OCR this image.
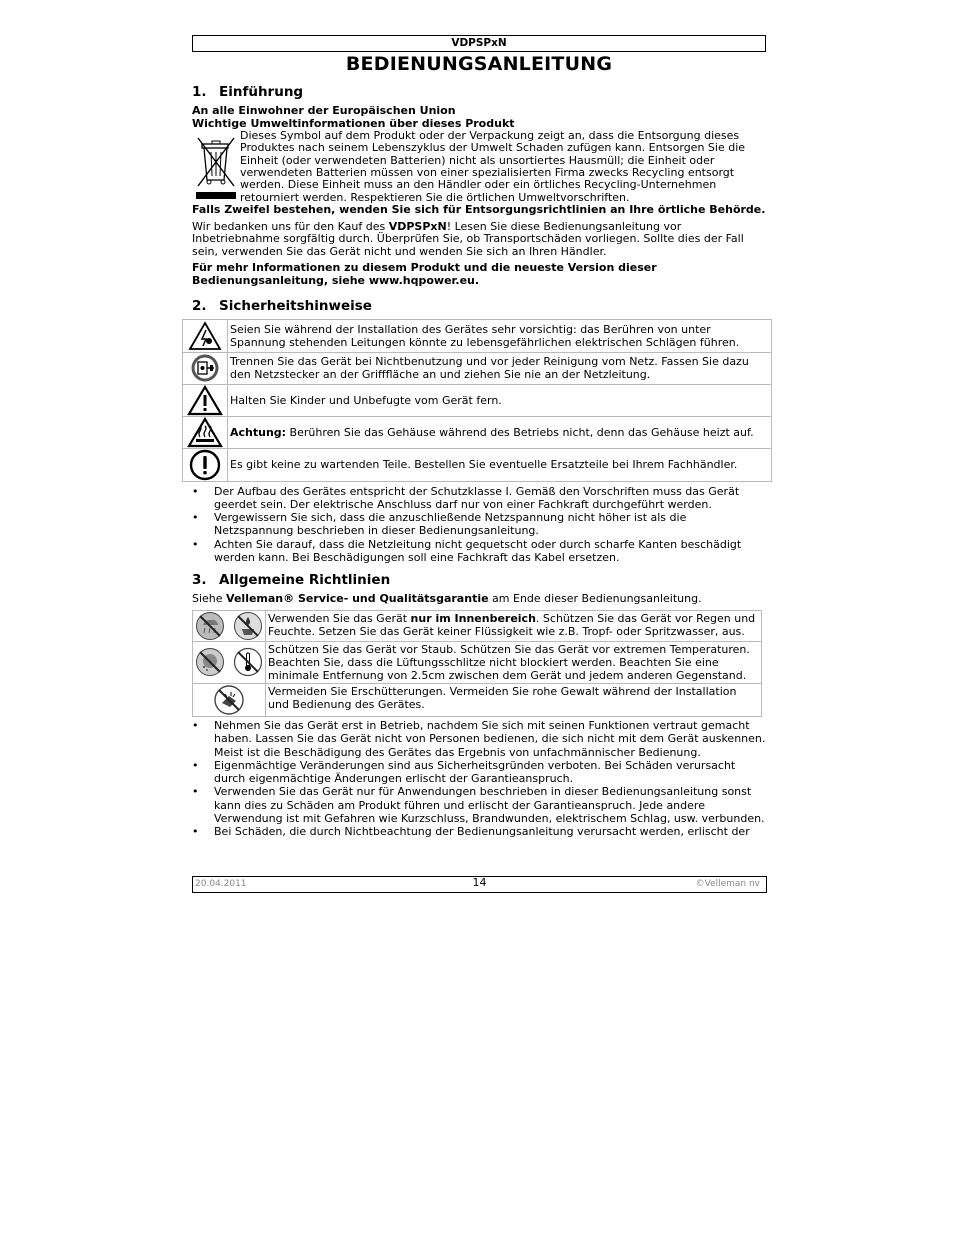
VDPSPxN
BEDIENUNGSANLEITUNG
1. Einführung

An alle Einwohner der Europäischen Union

Wichtige Umweltinformationen über dieses Produkt

Dieses Symbol auf dem Produkt oder der Verpackung zeigt an, dass die Entsorgung dieses Produktes nach seinem Lebenszyklus der Umwelt Schaden zufügen kann. Entsorgen Sie die Einheit (oder verwendeten Batterien) nicht als unsortiertes Hausmüll; die Einheit oder verwendeten Batterien müssen von einer spezialisierten Firma zwecks Recycling entsorgt werden. Diese Einheit muss an den Händler oder ein örtliches Recycling-Unternehmen retourniert werden. Respektieren Sie die örtlichen Umweltvorschriften.

Falls Zweifel bestehen, wenden Sie sich für Entsorgungsrichtlinien an Ihre örtliche Behörde.

Wir bedanken uns für den Kauf des VDPSPxN! Lesen Sie diese Bedienungsanleitung vor Inbetriebnahme sorgfältig durch. Überprüfen Sie, ob Transportschäden vorliegen. Sollte dies der Fall sein, verwenden Sie das Gerät nicht und wenden Sie sich an Ihren Händler.

Für mehr Informationen zu diesem Produkt und die neueste Version dieser Bedienungsanleitung, siehe www.hqpower.eu.

2. Sicherheitshinweise
	Seien Sie während der Installation des Gerätes sehr vorsichtig: das Berühren von unter Spannung stehenden Leitungen könnte zu lebensgefährlichen elektrischen Schlägen führen.

	Trennen Sie das Gerät bei Nichtbenutzung und vor jeder Reinigung vom Netz. Fassen Sie dazu den Netzstecker an der Grifffläche an und ziehen Sie nie an der Netzleitung.

	Halten Sie Kinder und Unbefugte vom Gerät fern.

	Achtung: Berühren Sie das Gehäuse während des Betriebs nicht, denn das Gehäuse heizt auf.

	Es gibt keine zu wartenden Teile. Bestellen Sie eventuelle Ersatzteile bei Ihrem Fachhändler.
• Der Aufbau des Gerätes entspricht der Schutzklasse I. Gemäß den Vorschriften muss das Gerät geerdet sein. Der elektrische Anschluss darf nur von einer Fachkraft durchgeführt werden.
• Vergewissern Sie sich, dass die anzuschließende Netzspannung nicht höher ist als die Netzspannung beschrieben in dieser Bedienungsanleitung.
• Achten Sie darauf, dass die Netzleitung nicht gequetscht oder durch scharfe Kanten beschädigt werden kann. Bei Beschädigungen soll eine Fachkraft das Kabel ersetzen.
3. Allgemeine Richtlinien

Siehe Velleman® Service- und Qualitätsgarantie am Ende dieser Bedienungsanleitung.

	Verwenden Sie das Gerät nur im Innenbereich. Schützen Sie das Gerät vor Regen und Feuchte. Setzen Sie das Gerät keiner Flüssigkeit wie z.B. Tropf- oder Spritzwasser, aus.

	Schützen Sie das Gerät vor Staub. Schützen Sie das Gerät vor extremen Temperaturen. Beachten Sie, dass die Lüftungsschlitze nicht blockiert werden. Beachten Sie eine minimale Entfernung von 2.5cm zwischen dem Gerät und jedem anderen Gegenstand.

	Vermeiden Sie Erschütterungen. Vermeiden Sie rohe Gewalt während der Installation und Bedienung des Gerätes.
• Nehmen Sie das Gerät erst in Betrieb, nachdem Sie sich mit seinen Funktionen vertraut gemacht haben. Lassen Sie das Gerät nicht von Personen bedienen, die sich nicht mit dem Gerät auskennen. Meist ist die Beschädigung des Gerätes das Ergebnis von unfachmännischer Bedienung.
• Eigenmächtige Veränderungen sind aus Sicherheitsgründen verboten. Bei Schäden verursacht durch eigenmächtige Änderungen erlischt der Garantieanspruch.
• Verwenden Sie das Gerät nur für Anwendungen beschrieben in dieser Bedienungsanleitung sonst kann dies zu Schäden am Produkt führen und erlischt der Garantieanspruch. Jede andere Verwendung ist mit Gefahren wie Kurzschluss, Brandwunden, elektrischem Schlag, usw. verbunden.
• Bei Schäden, die durch Nichtbeachtung der Bedienungsanleitung verursacht werden, erlischt der
20.04.2011	14	©Velleman nv
